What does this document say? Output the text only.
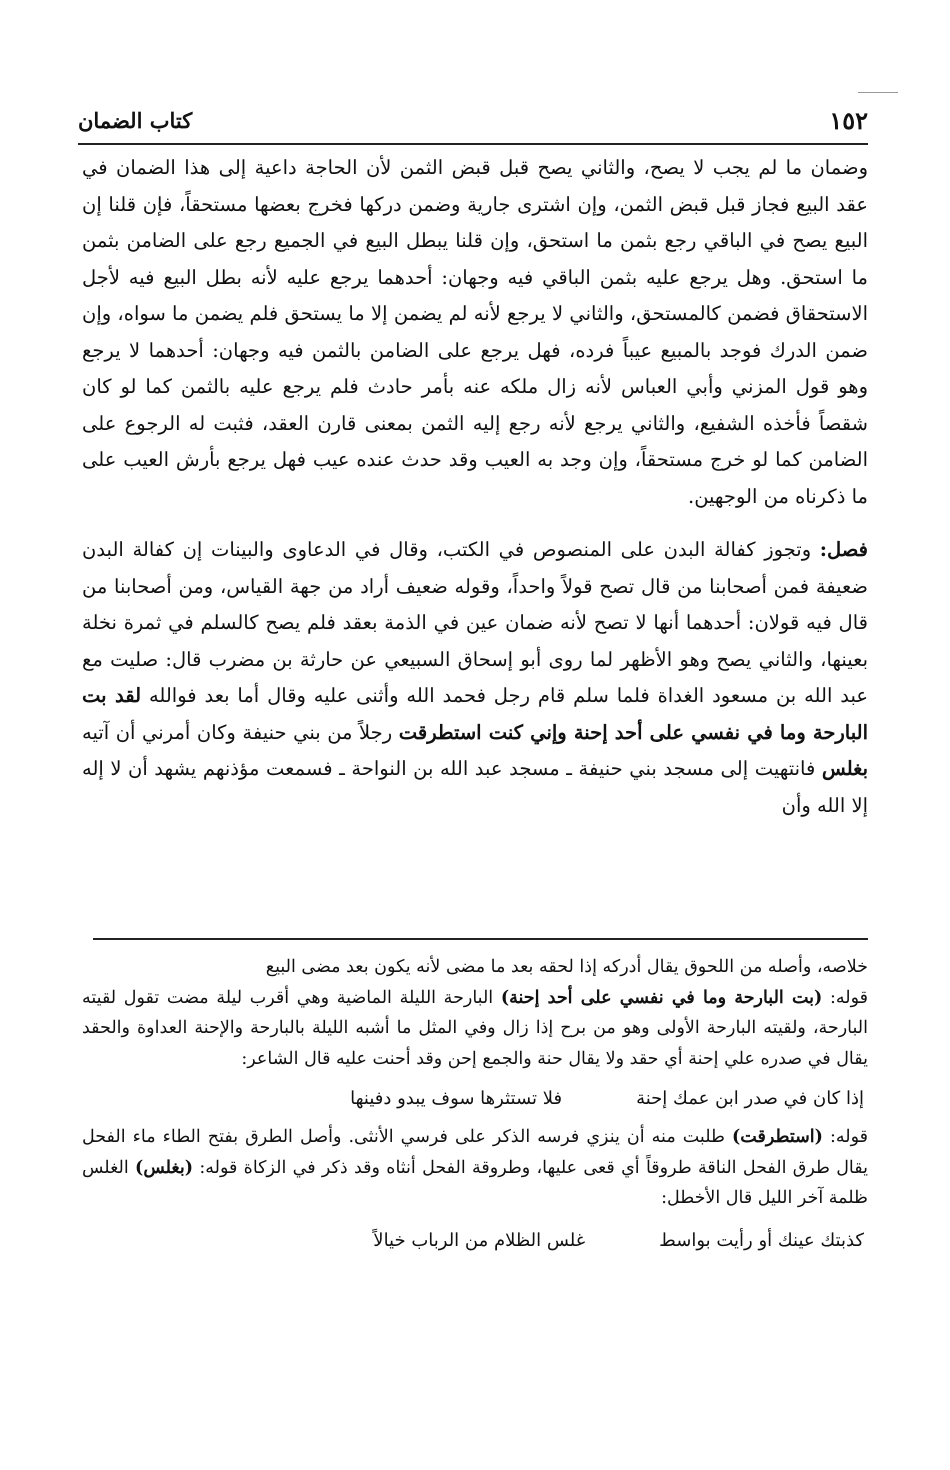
١٥٢
كتاب الضمان

وضمان ما لم يجب لا يصح، والثاني يصح قبل قبض الثمن لأن الحاجة داعية إلى هذا الضمان في عقد البيع فجاز قبل قبض الثمن، وإن اشترى جارية وضمن دركها فخرج بعضها مستحقاً، فإن قلنا إن البيع يصح في الباقي رجع بثمن ما استحق، وإن قلنا يبطل البيع في الجميع رجع على الضامن بثمن ما استحق. وهل يرجع عليه بثمن الباقي فيه وجهان: أحدهما يرجع عليه لأنه بطل البيع فيه لأجل الاستحقاق فضمن كالمستحق، والثاني لا يرجع لأنه لم يضمن إلا ما يستحق فلم يضمن ما سواه، وإن ضمن الدرك فوجد بالمبيع عيباً فرده، فهل يرجع على الضامن بالثمن فيه وجهان: أحدهما لا يرجع وهو قول المزني وأبي العباس لأنه زال ملكه عنه بأمر حادث فلم يرجع عليه بالثمن كما لو كان شقصاً فأخذه الشفيع، والثاني يرجع لأنه رجع إليه الثمن بمعنى قارن العقد، فثبت له الرجوع على الضامن كما لو خرج مستحقاً، وإن وجد به العيب وقد حدث عنده عيب فهل يرجع بأرش العيب على ما ذكرناه من الوجهين.

فصل: وتجوز كفالة البدن على المنصوص في الكتب، وقال في الدعاوى والبينات إن كفالة البدن ضعيفة فمن أصحابنا من قال تصح قولاً واحداً، وقوله ضعيف أراد من جهة القياس، ومن أصحابنا من قال فيه قولان: أحدهما أنها لا تصح لأنه ضمان عين في الذمة بعقد فلم يصح كالسلم في ثمرة نخلة بعينها، والثاني يصح وهو الأظهر لما روى أبو إسحاق السبيعي عن حارثة بن مضرب قال: صليت مع عبد الله بن مسعود الغداة فلما سلم قام رجل فحمد الله وأثنى عليه وقال أما بعد فوالله لقد بت البارحة وما في نفسي على أحد إحنة وإني كنت استطرقت رجلاً من بني حنيفة وكان أمرني أن آتيه بغلس فانتهيت إلى مسجد بني حنيفة ـ مسجد عبد الله بن النواحة ـ فسمعت مؤذنهم يشهد أن لا إله إلا الله وأن

خلاصه، وأصله من اللحوق يقال أدركه إذا لحقه بعد ما مضى لأنه يكون بعد مضى البيع

قوله: (بت البارحة وما في نفسي على أحد إحنة) البارحة الليلة الماضية وهي أقرب ليلة مضت تقول لقيته البارحة، ولقيته البارحة الأولى وهو من برح إذا زال وفي المثل ما أشبه الليلة بالبارحة والإحنة العداوة والحقد يقال في صدره علي إحنة أي حقد ولا يقال حنة والجمع إحن وقد أحنت عليه قال الشاعر:

إذا كان في صدر ابن عمك إحنة
فلا تستثرها سوف يبدو دفينها

قوله: (استطرقت) طلبت منه أن ينزي فرسه الذكر على فرسي الأنثى. وأصل الطرق بفتح الطاء ماء الفحل يقال طرق الفحل الناقة طروقاً أي قعى عليها، وطروقة الفحل أنثاه وقد ذكر في الزكاة قوله: (بغلس) الغلس ظلمة آخر الليل قال الأخطل:

كذبتك عينك أو رأيت بواسط
غلس الظلام من الرباب خيالاً
